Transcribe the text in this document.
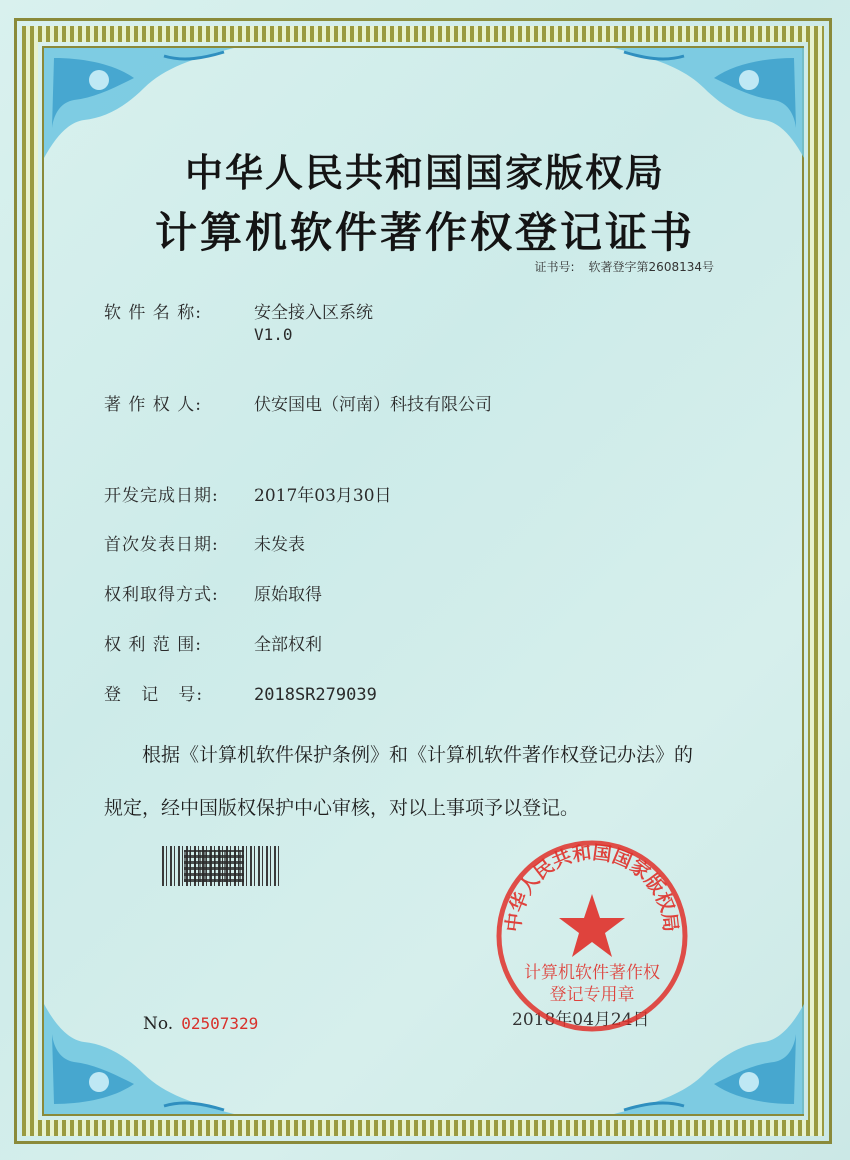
中华人民共和国国家版权局
计算机软件著作权登记证书
证书号: 软著登字第2608134号
软 件 名 称:	安全接入区系统
V1.0
著 作 权 人:	伏安国电（河南）科技有限公司
开发完成日期: 2017年03月30日
首次发表日期: 未发表
权利取得方式: 原始取得
权 利 范 围:	全部权利
登   记   号:	2018SR279039
根据《计算机软件保护条例》和《计算机软件著作权登记办法》的
规定，经中国版权保护中心审核，对以上事项予以登记。
No. 02507329	2018年04月24日
中华人民共和国国家版权局
计算机软件著作权
登记专用章
